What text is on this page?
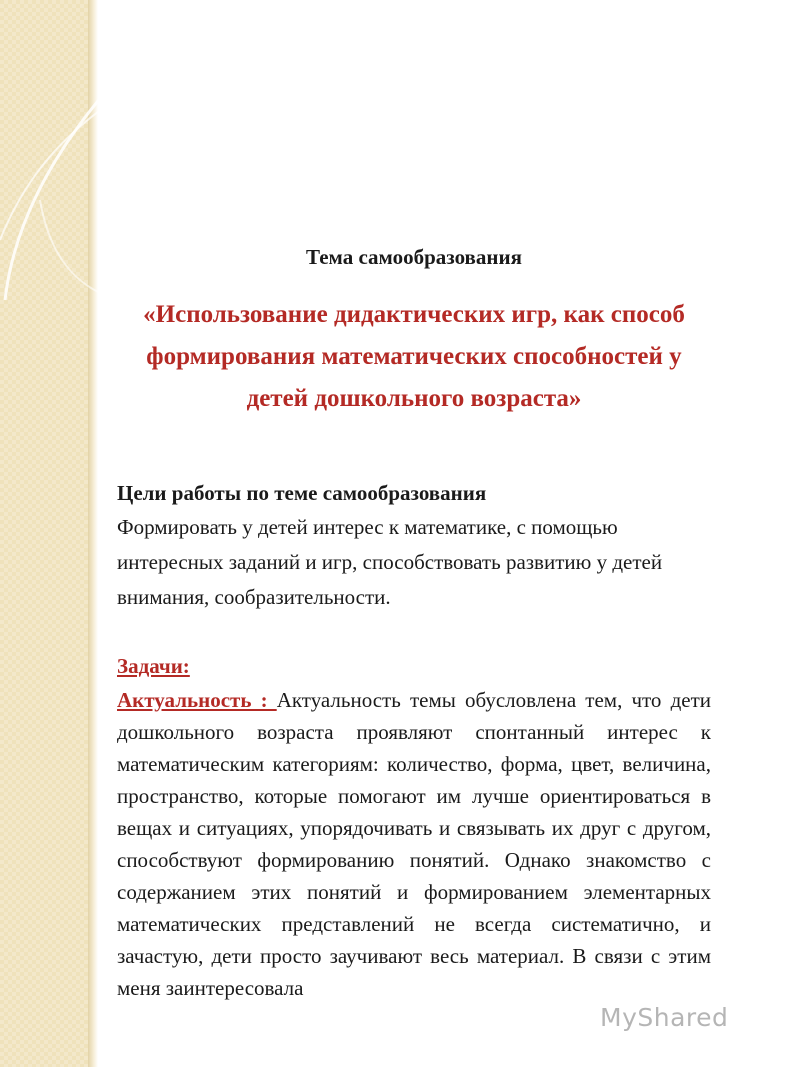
Тема самообразования

«Использование дидактических игр, как способ формирования математических способностей у детей дошкольного возраста»

Цели работы по теме самообразования

Формировать у детей интерес к математике, с помощью интересных заданий и игр, способствовать развитию у детей внимания, сообразительности.

Задачи:

Актуальность : Актуальность темы обусловлена тем, что дети дошкольного возраста проявляют спонтанный интерес к математическим категориям: количество, форма, цвет, величина, пространство, которые помогают им лучше ориентироваться в вещах и ситуациях, упорядочивать и связывать их друг с другом, способствуют формированию понятий. Однако знакомство с содержанием этих понятий и формированием элементарных математических представлений не всегда систематично, и зачастую, дети просто заучивают весь материал. В связи с этим меня заинтересовала

MyShared
